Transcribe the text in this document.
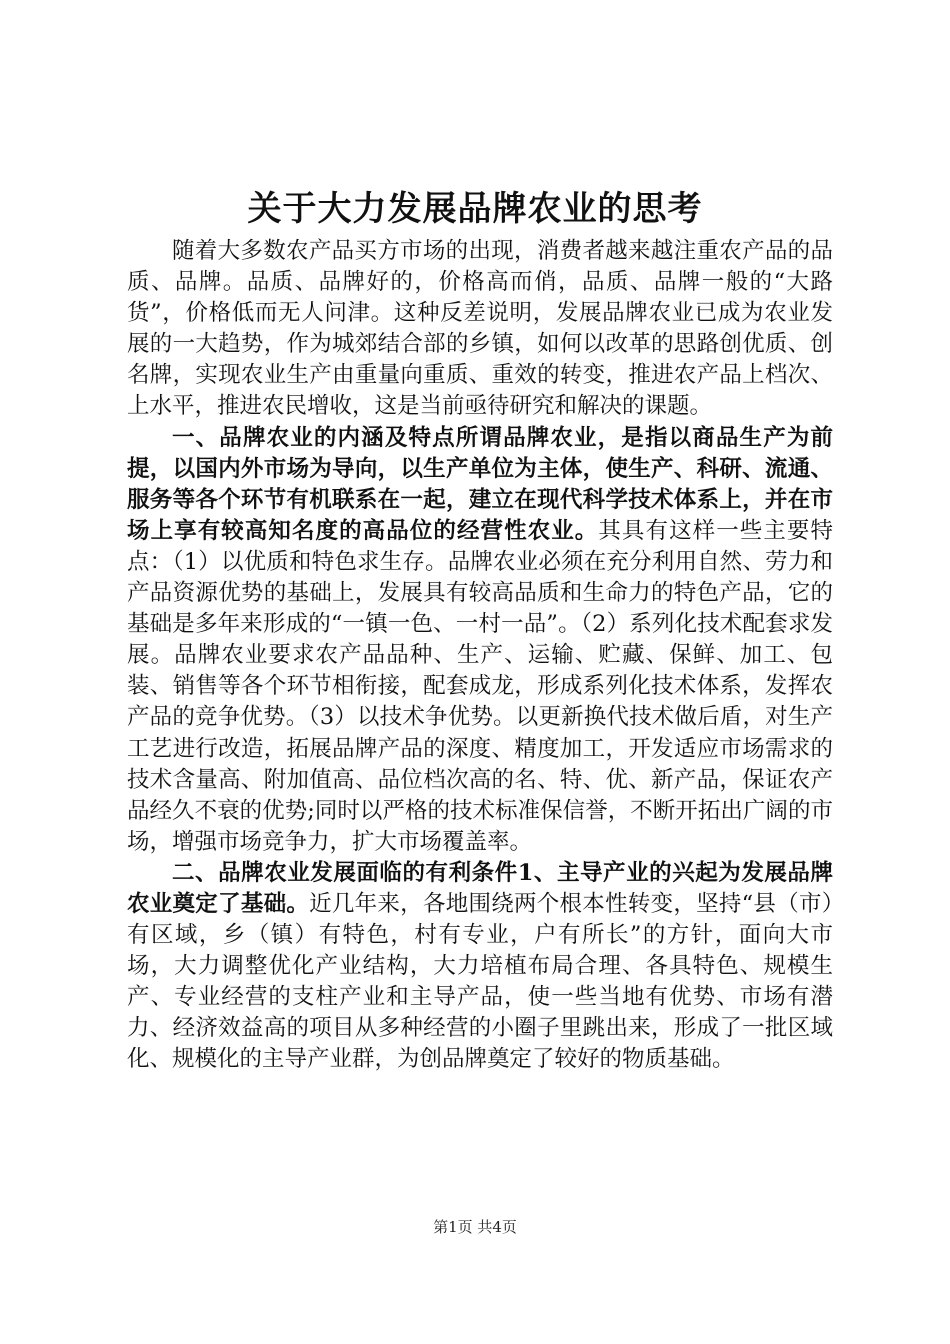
关于大力发展品牌农业的思考

随着大多数农产品买方市场的出现，消费者越来越注重农产品的品质、品牌。品质、品牌好的，价格高而俏，品质、品牌一般的“大路货”，价格低而无人问津。这种反差说明，发展品牌农业已成为农业发展的一大趋势，作为城郊结合部的乡镇，如何以改革的思路创优质、创名牌，实现农业生产由重量向重质、重效的转变，推进农产品上档次、上水平，推进农民增收，这是当前亟待研究和解决的课题。

一、品牌农业的内涵及特点所谓品牌农业，是指以商品生产为前提，以国内外市场为导向，以生产单位为主体，使生产、科研、流通、服务等各个环节有机联系在一起，建立在现代科学技术体系上，并在市场上享有较高知名度的高品位的经营性农业。其具有这样一些主要特点：（1）以优质和特色求生存。品牌农业必须在充分利用自然、劳力和产品资源优势的基础上，发展具有较高品质和生命力的特色产品，它的基础是多年来形成的“一镇一色、一村一品”。（2）系列化技术配套求发展。品牌农业要求农产品品种、生产、运输、贮藏、保鲜、加工、包装、销售等各个环节相衔接，配套成龙，形成系列化技术体系，发挥农产品的竞争优势。（3）以技术争优势。以更新换代技术做后盾，对生产工艺进行改造，拓展品牌产品的深度、精度加工，开发适应市场需求的技术含量高、附加值高、品位档次高的名、特、优、新产品，保证农产品经久不衰的优势;同时以严格的技术标准保信誉，不断开拓出广阔的市场，增强市场竞争力，扩大市场覆盖率。

二、品牌农业发展面临的有利条件1、主导产业的兴起为发展品牌农业奠定了基础。近几年来，各地围绕两个根本性转变，坚持“县（市）有区域，乡（镇）有特色，村有专业，户有所长”的方针，面向大市场，大力调整优化产业结构，大力培植布局合理、各具特色、规模生产、专业经营的支柱产业和主导产品，使一些当地有优势、市场有潜力、经济效益高的项目从多种经营的小圈子里跳出来，形成了一批区域化、规模化的主导产业群，为创品牌奠定了较好的物质基础。

第1页 共4页
